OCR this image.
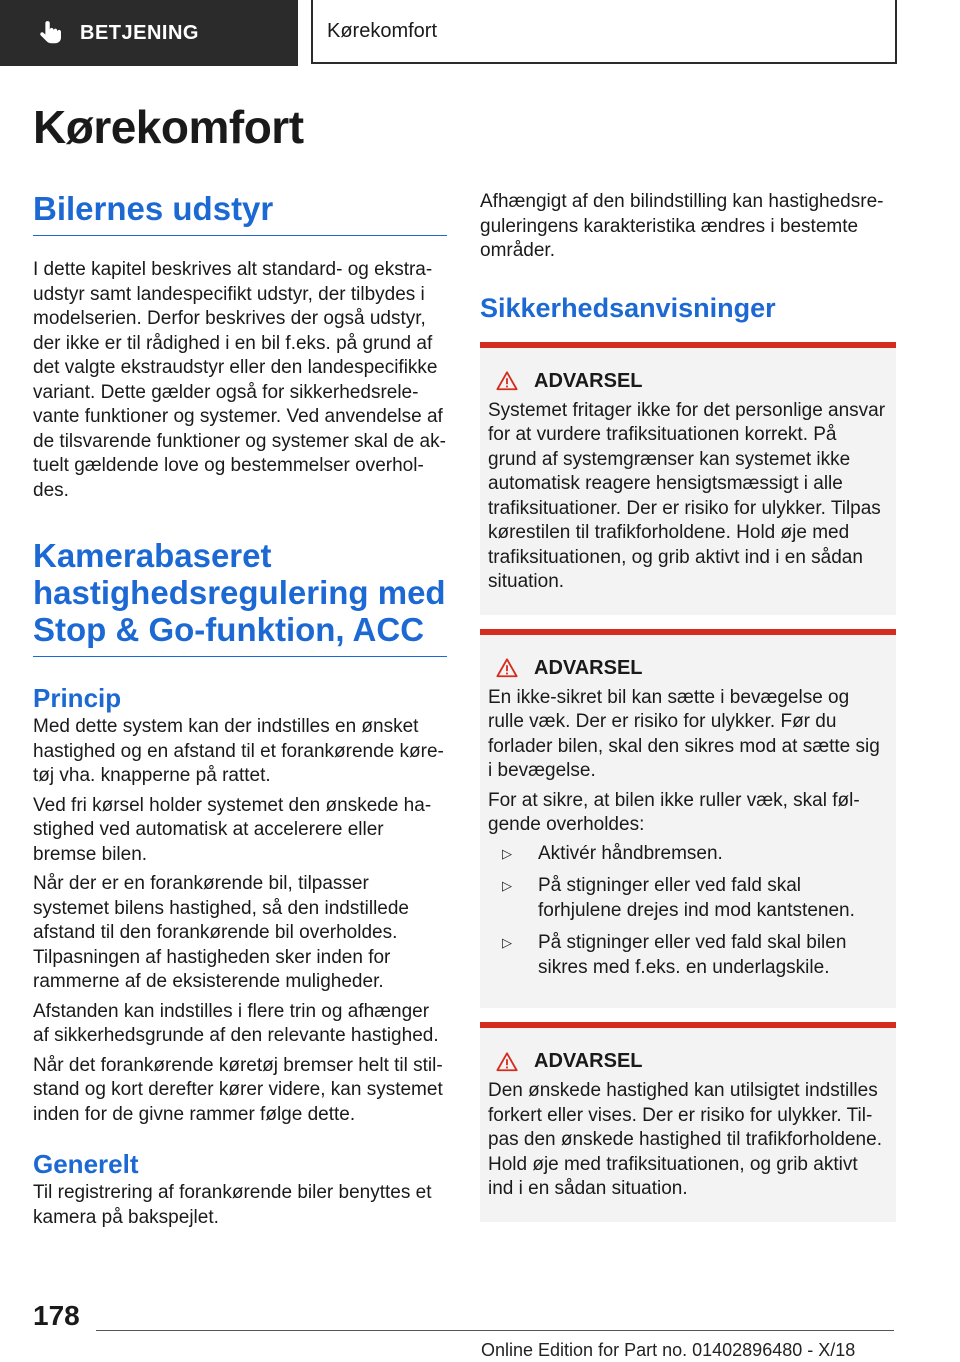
BETJENING	Kørekomfort
Kørekomfort
Bilernes udstyr

I dette kapitel beskrives alt standard- og ekstraudstyr samt landespecifikt udstyr, der tilbydes i modelserien. Derfor beskrives der også udstyr, der ikke er til rådighed i en bil f.eks. på grund af det valgte ekstraudstyr eller den landespecifikke variant. Dette gælder også for sikkerhedsrelevante funktioner og systemer. Ved anvendelse af de tilsvarende funktioner og systemer skal de aktuelt gældende love og bestemmelser overholdes.

Kamerabaseret hastighedsregulering med Stop & Go-funktion, ACC
Princip

Med dette system kan der indstilles en ønsket hastighed og en afstand til et forankørende køretøj vha. knapperne på rattet.

Ved fri kørsel holder systemet den ønskede hastighed ved automatisk at accelerere eller bremse bilen.

Når der er en forankørende bil, tilpasser systemet bilens hastighed, så den indstillede afstand til den forankørende bil overholdes. Tilpasningen af hastigheden sker inden for rammerne af de eksisterende muligheder.

Afstanden kan indstilles i flere trin og afhænger af sikkerhedsgrunde af den relevante hastighed.

Når det forankørende køretøj bremser helt til stilstand og kort derefter kører videre, kan systemet inden for de givne rammer følge dette.

Generelt

Til registrering af forankørende biler benyttes et kamera på bakspejlet.

Afhængigt af den bilindstilling kan hastighedsreguleringens karakteristika ændres i bestemte områder.

Sikkerhedsanvisninger
ADVARSEL

Systemet fritager ikke for det personlige ansvar for at vurdere trafiksituationen korrekt. På grund af systemgrænser kan systemet ikke automatisk reagere hensigtsmæssigt i alle trafiksituationer. Der er risiko for ulykker. Tilpas kørestilen til trafikforholdene. Hold øje med trafiksituationen, og grib aktivt ind i en sådan situation.

ADVARSEL

En ikke-sikret bil kan sætte i bevægelse og rulle væk. Der er risiko for ulykker. Før du forlader bilen, skal den sikres mod at sætte sig i bevægelse.

For at sikre, at bilen ikke ruller væk, skal følgende overholdes:

▷	Aktivér håndbremsen.
▷	På stigninger eller ved fald skal forhjulene drejes ind mod kantstenen.
▷	På stigninger eller ved fald skal bilen sikres med f.eks. en underlagskile.
ADVARSEL

Den ønskede hastighed kan utilsigtet indstilles forkert eller vises. Der er risiko for ulykker. Tilpas den ønskede hastighed til trafikforholdene. Hold øje med trafiksituationen, og grib aktivt ind i en sådan situation.

178
Online Edition for Part no. 01402896480 - X/18
